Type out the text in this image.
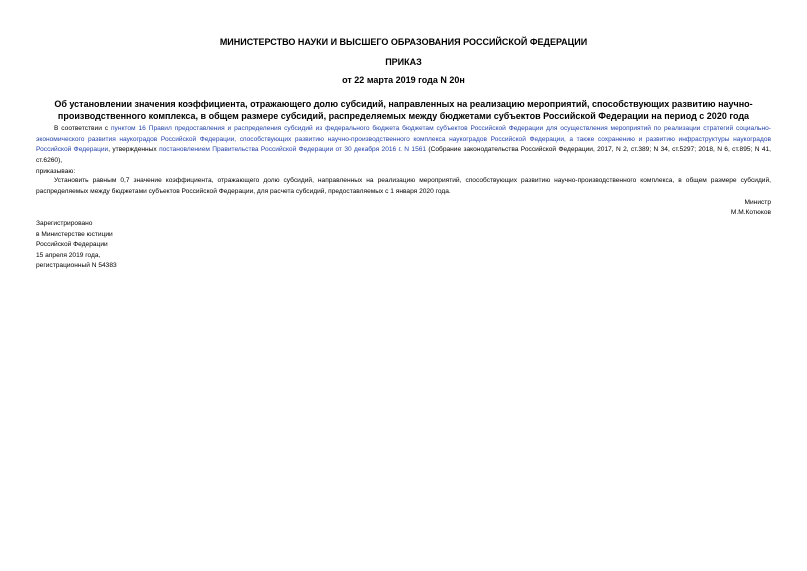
МИНИСТЕРСТВО НАУКИ И ВЫСШЕГО ОБРАЗОВАНИЯ РОССИЙСКОЙ ФЕДЕРАЦИИ
ПРИКАЗ
от 22 марта 2019 года N 20н
Об установлении значения коэффициента, отражающего долю субсидий, направленных на реализацию мероприятий, способствующих развитию научно-
производственного комплекса, в общем размере субсидий, распределяемых между бюджетами субъектов Российской Федерации на период с 2020 года
В соответствии с пунктом 16 Правил предоставления и распределения субсидий из федерального бюджета бюджетам субъектов Российской Федерации для осуществления мероприятий по реализации стратегий социально-экономического развития наукоградов Российской Федерации, способствующих развитию научно-производственного комплекса наукоградов Российской Федерации, а также сохранению и развитию инфраструктуры наукоградов Российской Федерации, утвержденных постановлением Правительства Российской Федерации от 30 декабря 2016 г. N 1561 (Собрание законодательства Российской Федерации, 2017, N 2, ст.389; N 34, ст.5297; 2018, N 6, ст.895; N 41, ст.6260),
приказываю:
Установить равным 0,7 значение коэффициента, отражающего долю субсидий, направленных на реализацию мероприятий, способствующих развитию научно-производственного комплекса, в общем размере субсидий, распределяемых между бюджетами субъектов Российской Федерации, для расчета субсидий, предоставляемых с 1 января 2020 года.
Министр
М.М.Котюков
Зарегистрировано
в Министерстве юстиции
Российской Федерации
15 апреля 2019 года,
регистрационный N 54383
